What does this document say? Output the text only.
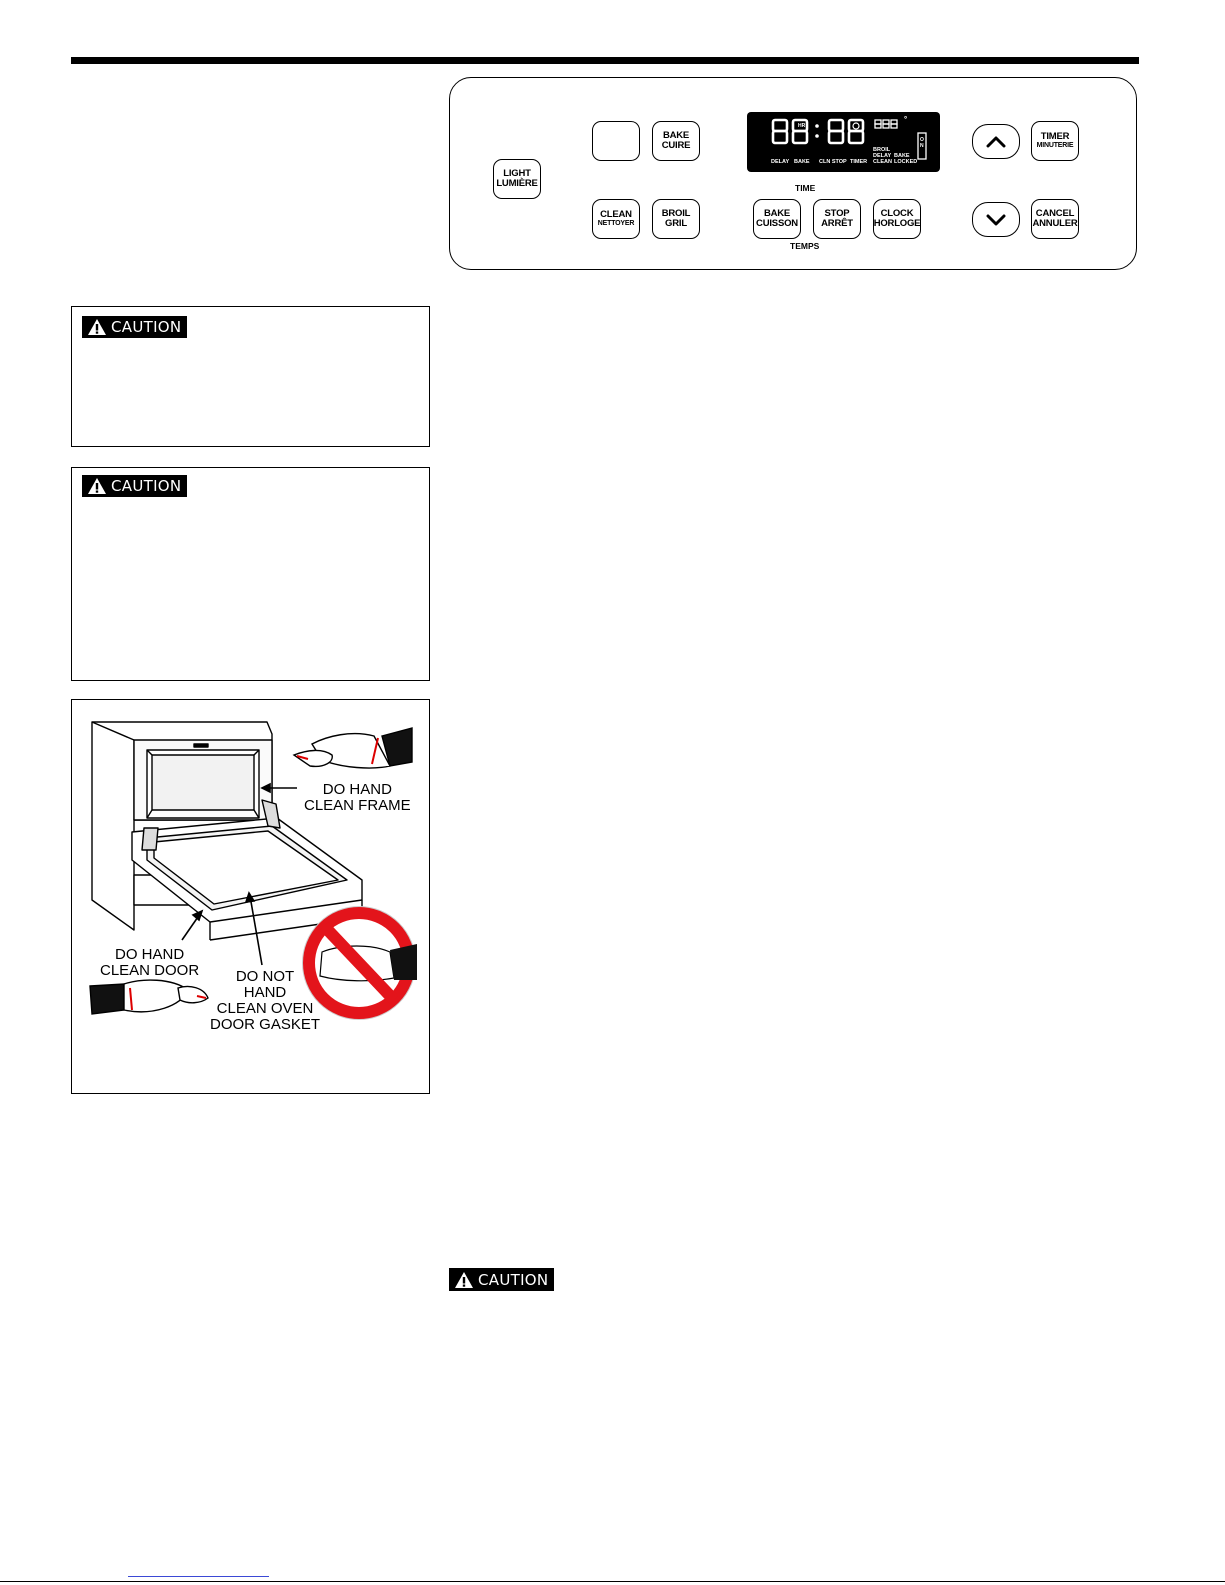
LIGHT
LUMIÈRE
BAKE
CUIRE
CLEAN
NETTOYER
BROIL
GRIL
°
HR
ON
DELAY BAKE CLN STOP TIMER
BROIL
DELAY
CLEAN
BAKE
LOCKED
TIME
BAKE
CUISSON
STOP
ARRÊT
CLOCK
HORLOGE
TEMPS
TIMER
MINUTERIE
CANCEL
ANNULER
CAUTION
CAUTION
DO HAND
CLEAN FRAME
DO HAND
CLEAN DOOR	DO NOT
HAND
CLEAN OVEN
DOOR GASKET
CAUTION
